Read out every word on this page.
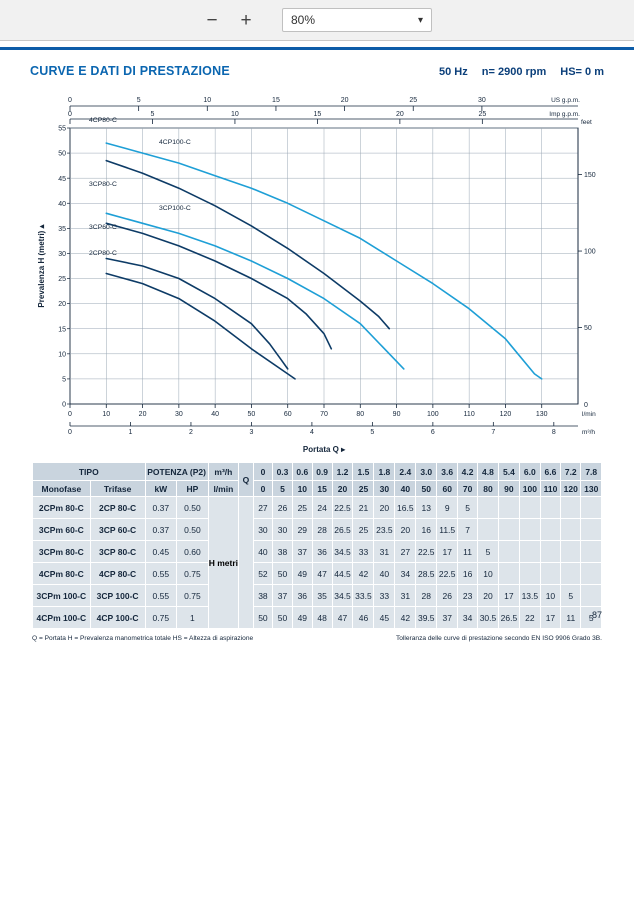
− +	80%	▾
CURVE E DATI DI PRESTAZIONE	50 Hz n= 2900 rpm HS= 0 m
0	5	10	15	20	25	30	US g.p.m.
0	5	10	15	20	25	Imp g.p.m.
0
5
10
15
20
25
30
35
40
45
50
55
50
100
150
0
feet
0	10	20	30	40	50	60	70	80	90	100	110	120	130	l/min
0	1	2	3	4	5	6	7	8	m³/h
Prevalenza H (metri) ▴
Portata Q ▸
4CP80-C
4CP100-C
3CP80-C
3CP100-C
3CP60-C
2CP80-C
TIPO		POTENZA (P2)		m³/h	Q	0	0.3	0.6	0.9	1.2	1.5	1.8	2.4	3.0	3.6	4.2	4.8	5.4	6.0	6.6	7.2	7.8
Monofase	Trifase	kW	HP	l/min		0	5	10	15	20	25	30	40	50	60	70	80	90	100	110	120	130
2CPm 80-C	2CP 80-C	0.37	0.50	H metri		27	26	25	24	22.5	21	20	16.5	13	9	5						
3CPm 60-C	3CP 60-C	0.37	0.50			30	30	29	28	26.5	25	23.5	20	16	11.5	7						
3CPm 80-C	3CP 80-C	0.45	0.60			40	38	37	36	34.5	33	31	27	22.5	17	11	5					
4CPm 80-C	4CP 80-C	0.55	0.75			52	50	49	47	44.5	42	40	34	28.5	22.5	16	10					
3CPm 100-C	3CP 100-C	0.55	0.75			38	37	36	35	34.5	33.5	33	31	28	26	23	20	17	13.5	10	5	
4CPm 100-C	4CP 100-C	0.75	1			50	50	49	48	47	46	45	42	39.5	37	34	30.5	26.5	22	17	11	5
Q = Portata H = Prevalenza manometrica totale HS = Altezza di aspirazione	Tolleranza delle curve di prestazione secondo EN ISO 9906 Grado 3B.
87
